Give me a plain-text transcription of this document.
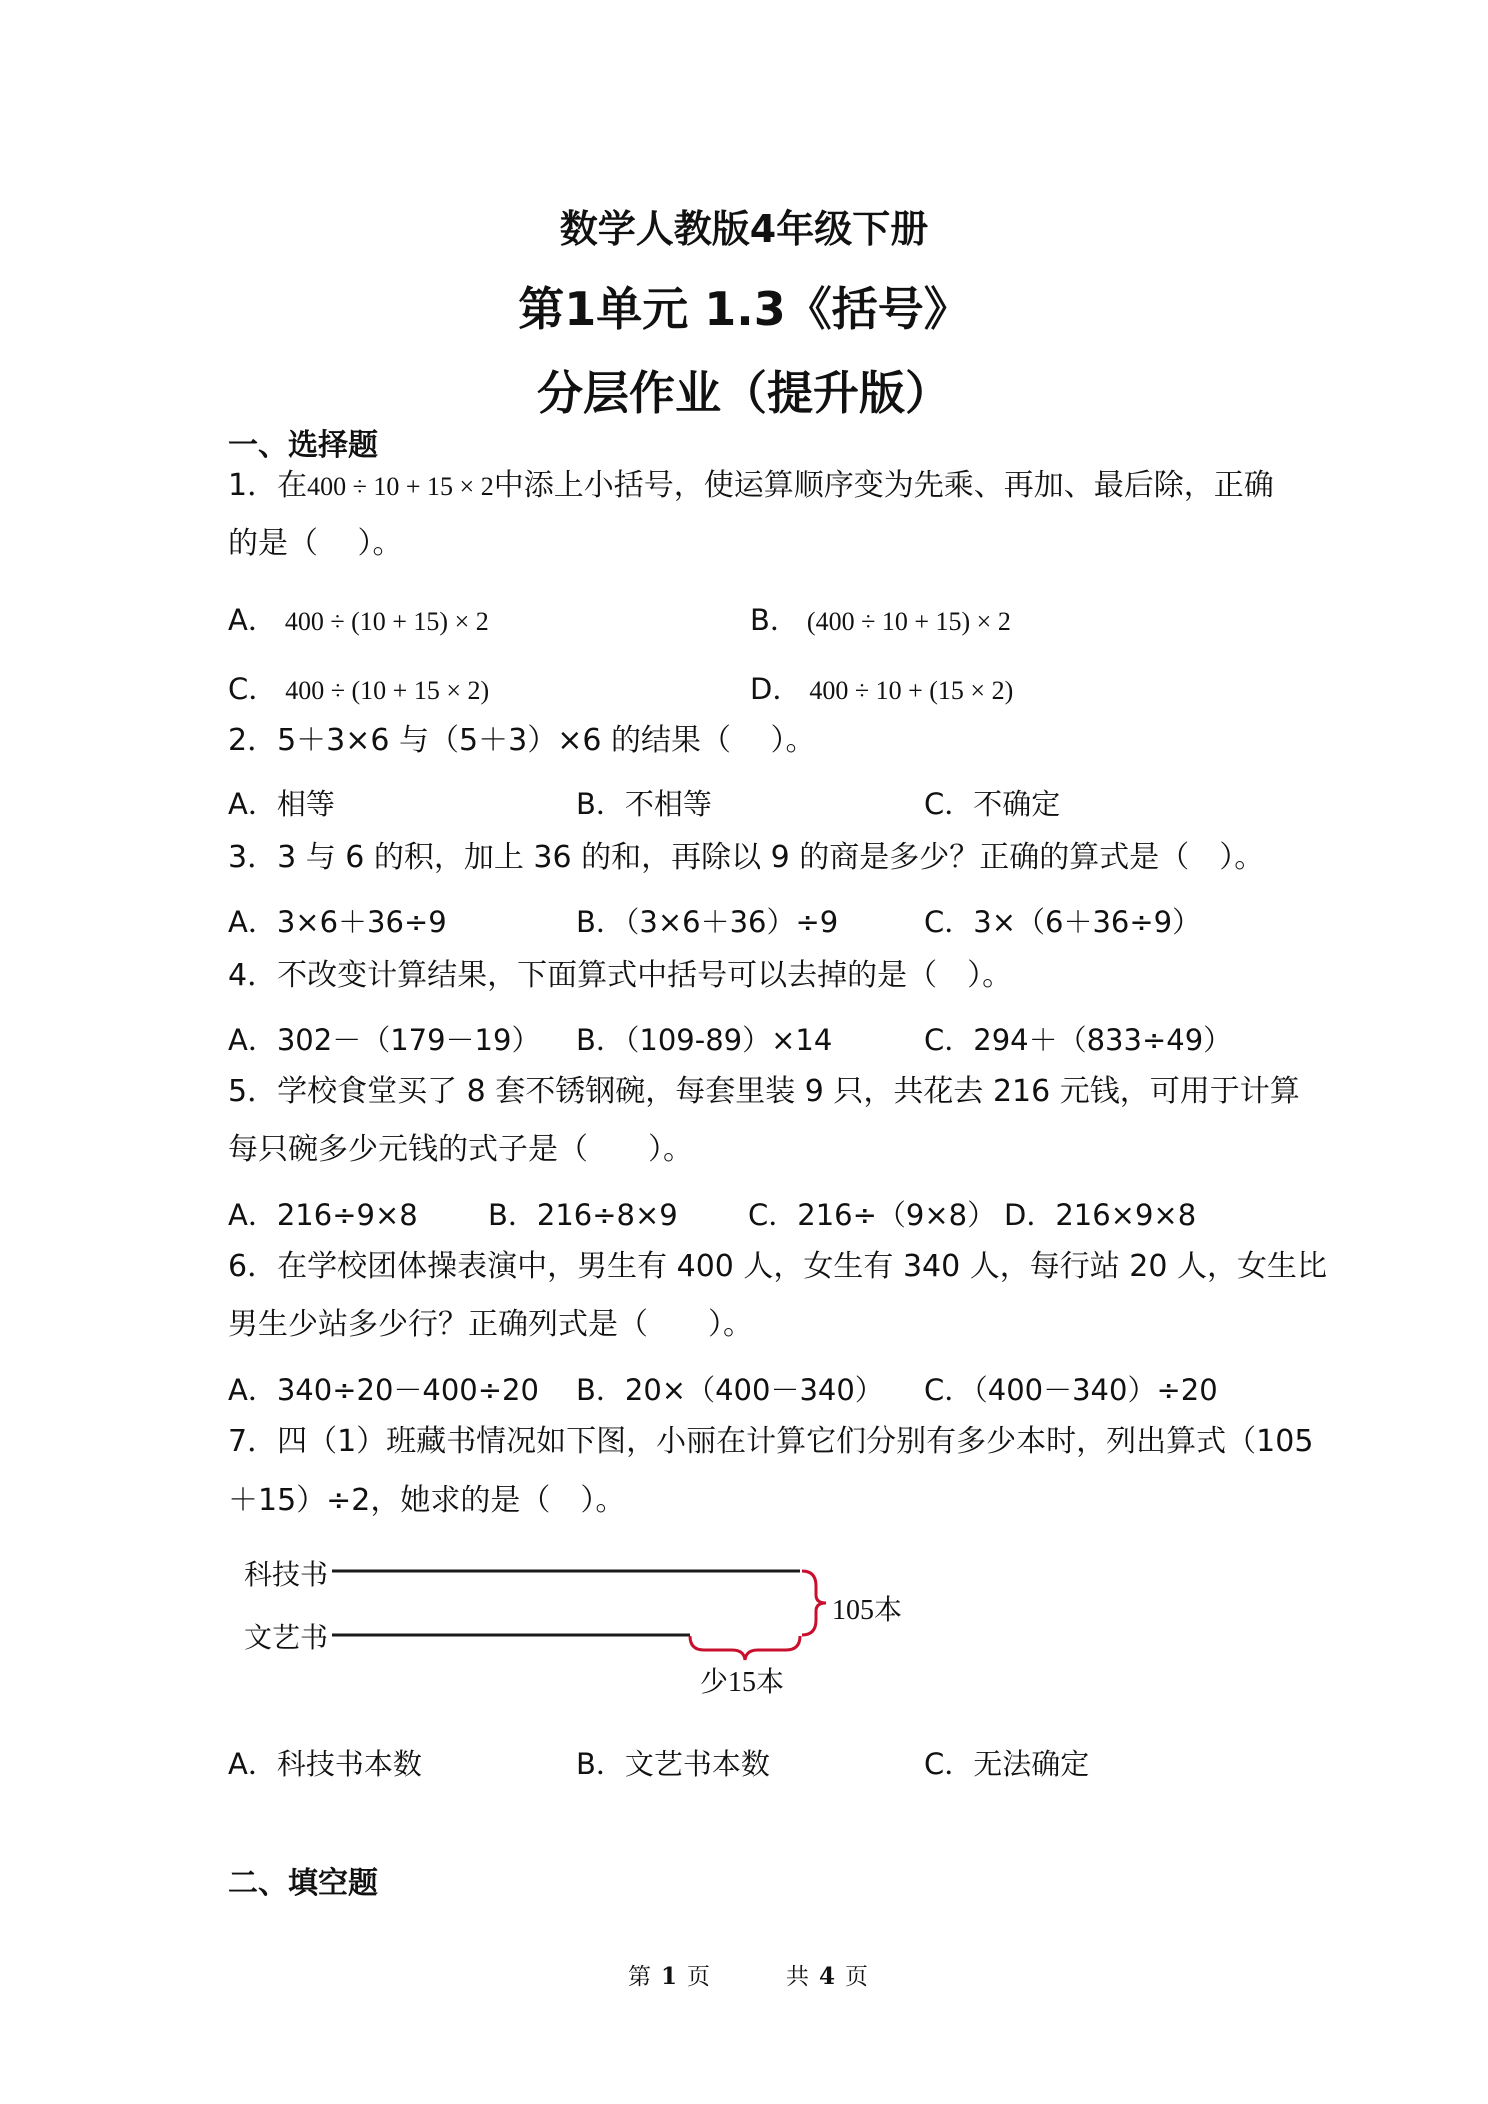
数学人教版4年级下册
第1单元 1.3《括号》
分层作业（提升版）
一、选择题
1．在400 ÷ 10 + 15 × 2中添上小括号，使运算顺序变为先乘、再加、最后除，正确
的是（　 ）。
A． 400 ÷ (10 + 15) × 2	B． (400 ÷ 10 + 15) × 2
C． 400 ÷ (10 + 15 × 2)	D． 400 ÷ 10 + (15 × 2)
2．5＋3×6 与（5＋3）×6 的结果（　 ）。
A．相等	B．不相等	C．不确定
3．3 与 6 的积，加上 36 的和，再除以 9 的商是多少？正确的算式是（　）。
A．3×6＋36÷9	B．（3×6＋36）÷9	C．3×（6＋36÷9）
4．不改变计算结果，下面算式中括号可以去掉的是（　）。
A．302－（179－19） B．（109-89）×14	C．294＋（833÷49）
5．学校食堂买了 8 套不锈钢碗，每套里装 9 只，共花去 216 元钱，可用于计算
每只碗多少元钱的式子是（　　）。
A．216÷9×8 B．216÷8×9 C．216÷（9×8） D．216×9×8
6．在学校团体操表演中，男生有 400 人，女生有 340 人，每行站 20 人，女生比
男生少站多少行？正确列式是（　　）。
A．340÷20－400÷20 B．20×（400－340） C．（400－340）÷20
7．四（1）班藏书情况如下图，小丽在计算它们分别有多少本时，列出算式（105
＋15）÷2，她求的是（　）。
科技书
文艺书
105本
少15本
A．科技书本数	B．文艺书本数	C．无法确定
二、填空题
第 1 页	共 4 页
